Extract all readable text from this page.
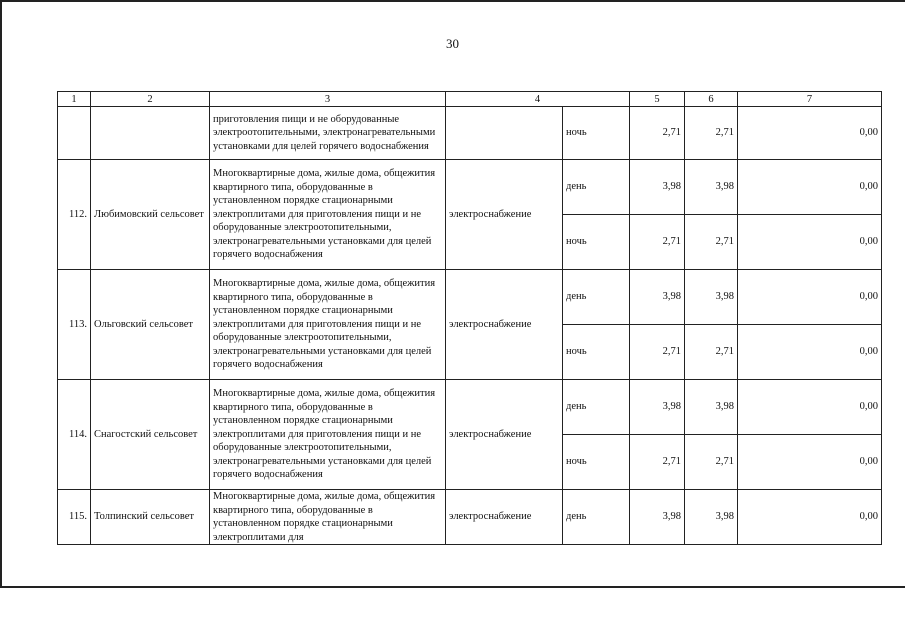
30
1	2	3	4		5	6	7	
		приготовления пищи и не оборудованные электроотопительными, электронагревательными установками для целей горячего водоснабжения		ночь	2,71	2,71	0,00	
112.	Любимовский сельсовет	Многоквартирные дома, жилые дома, общежития квартирного типа, оборудованные в установленном порядке стационарными электроплитами для приготовления пищи и не оборудованные электроотопительными, электронагревательными установками для целей горячего водоснабжения	электроснабжение	день	3,98	3,98	0,00	
				ночь	2,71	2,71	0,00	
113.	Ольговский сельсовет	Многоквартирные дома, жилые дома, общежития квартирного типа, оборудованные в установленном порядке стационарными электроплитами для приготовления пищи и не оборудованные электроотопительными, электронагревательными установками для целей горячего водоснабжения	электроснабжение	день	3,98	3,98	0,00	
				ночь	2,71	2,71	0,00	
114.	Снагостский сельсовет	Многоквартирные дома, жилые дома, общежития квартирного типа, оборудованные в установленном порядке стационарными электроплитами для приготовления пищи и не оборудованные электроотопительными, электронагревательными установками для целей горячего водоснабжения	электроснабжение	день	3,98	3,98	0,00	
				ночь	2,71	2,71	0,00	
115.	Толпинский сельсовет	Многоквартирные дома, жилые дома, общежития квартирного типа, оборудованные в установленном порядке стационарными электроплитами для	электроснабжение	день	3,98	3,98	0,00	
